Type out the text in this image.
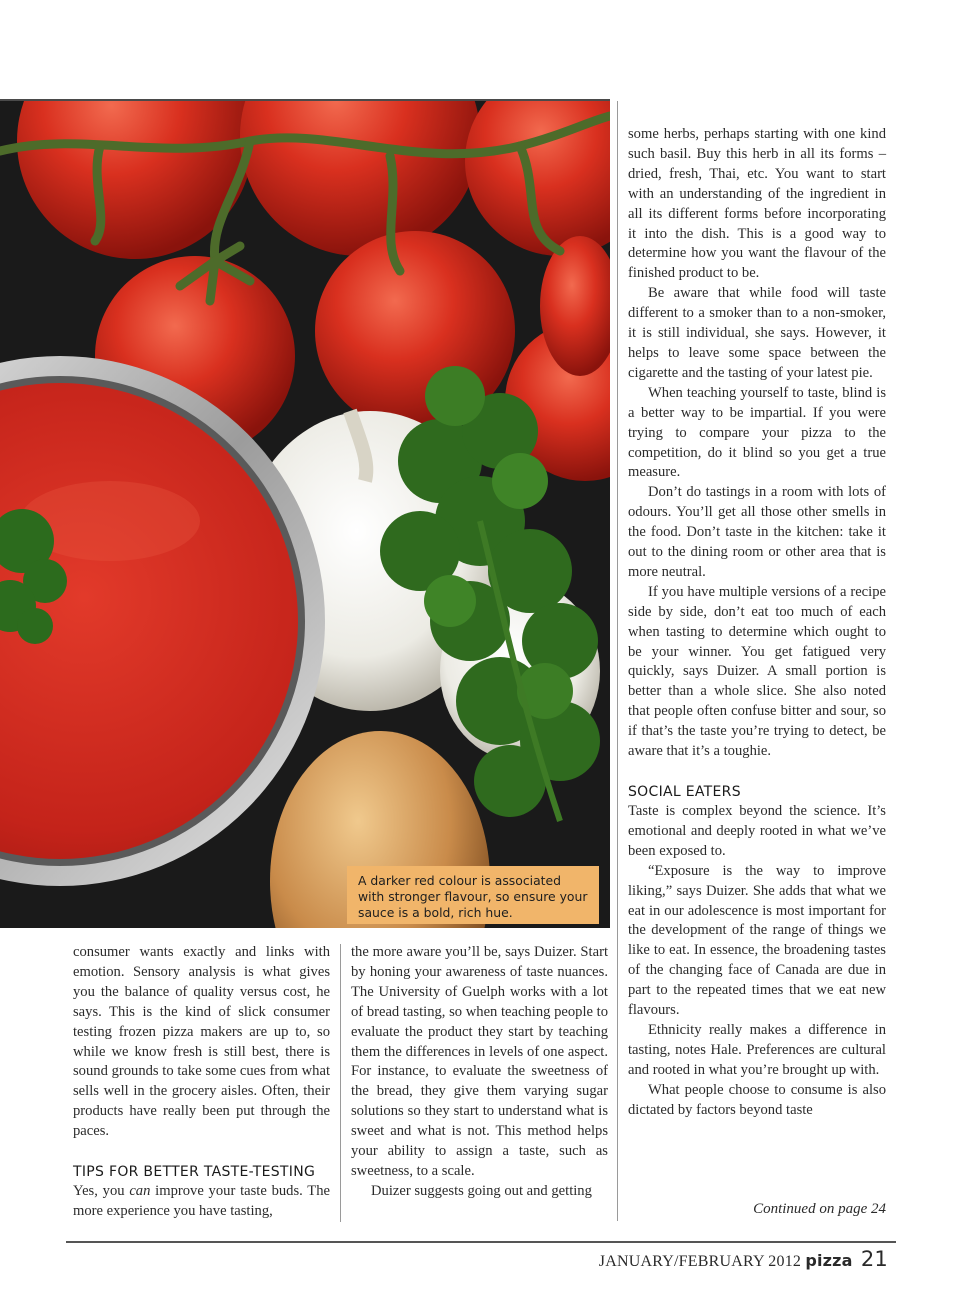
A darker red colour is associated with stronger flavour, so ensure your sauce is a bold, rich hue.

consumer wants exactly and links with emotion. Sensory analysis is what gives you the balance of quality versus cost, he says. This is the kind of slick consumer testing frozen pizza makers are up to, so while we know fresh is still best, there is sound grounds to take some cues from what sells well in the grocery aisles. Often, their products have really been put through the paces.

TIPS FOR BETTER TASTE-TESTING

Yes, you can improve your taste buds. The more experience you have tasting,

the more aware you’ll be, says Duizer. Start by honing your awareness of taste nuances. The University of Guelph works with a lot of bread tasting, so when teaching people to evaluate the product they start by teaching them the differences in levels of one aspect. For instance, to evaluate the sweetness of the bread, they give them varying sugar solutions so they start to understand what is sweet and what is not. This method helps your ability to assign a taste, such as sweetness, to a scale.

Duizer suggests going out and getting

some herbs, perhaps starting with one kind such basil. Buy this herb in all its forms – dried, fresh, Thai, etc. You want to start with an understanding of the ingredient in all its different forms before incorporating it into the dish. This is a good way to determine how you want the flavour of the finished product to be.

Be aware that while food will taste different to a smoker than to a non-smoker, it is still individual, she says. However, it helps to leave some space between the cigarette and the tasting of your latest pie.

When teaching yourself to taste, blind is a better way to be impartial. If you were trying to compare your pizza to the competition, do it blind so you get a true measure.

Don’t do tastings in a room with lots of odours. You’ll get all those other smells in the food. Don’t taste in the kitchen: take it out to the dining room or other area that is more neutral.

If you have multiple versions of a recipe side by side, don’t eat too much of each when tasting to determine which ought to be your winner. You get fatigued very quickly, says Duizer. A small portion is better than a whole slice. She also noted that people often confuse bitter and sour, so if that’s the taste you’re trying to detect, be aware that it’s a toughie.

SOCIAL EATERS

Taste is complex beyond the science. It’s emotional and deeply rooted in what we’ve been exposed to.

“Exposure is the way to improve liking,” says Duizer. She adds that what we eat in our adolescence is most important for the development of the range of things we like to eat. In essence, the broadening tastes of the changing face of Canada are due in part to the repeated times that we eat new flavours.

Ethnicity really makes a difference in tasting, notes Hale. Preferences are cultural and rooted in what you’re brought up with.

What people choose to consume is also dictated by factors beyond taste

Continued on page 24
JANUARY/FEBRUARY 2012 pizza 21
